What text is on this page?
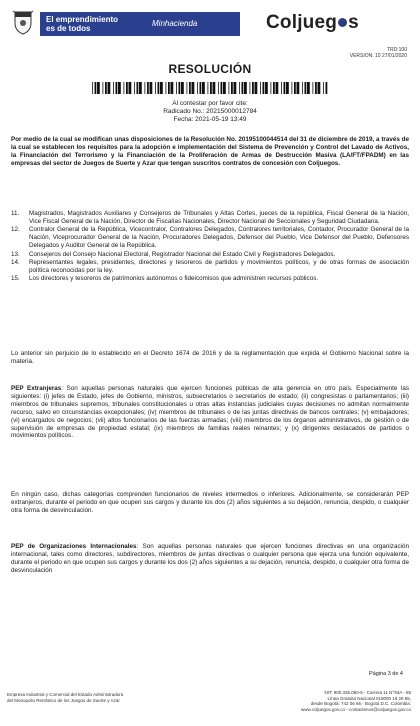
El emprendimiento
es de todos
Minhacienda	Coljueg s
TRD:100
VERSION: 10 27/01/2020
RESOLUCIÓN
Al contestar por favor cite:
Radicado No.: 20215000012784
Fecha: 2021-05-19 13:49
Por medio de la cual se modifican unas disposiciones de la Resolución No. 20195100044514 del 31 de diciembre de 2019, a través de la cual se establecen los requisitos para la adopción e implementación del Sistema de Prevención y Control del Lavado de Activos, la Financiación del Terrorismo y la Financiación de la Proliferación de Armas de Destrucción Masiva (LA/FT/FPADM) en las empresas del sector de Juegos de Suerte y Azar que tengan suscritos contratos de concesión con Coljuegos.
11. Magistrados, Magistrados Auxiliares y Consejeros de Tribunales y Altas Cortes, jueces de la república, Fiscal General de la Nación, Vice Fiscal General de la Nación, Director de Fiscalías Nacionales, Director Nacional de Seccionales y Seguridad Ciudadana.
12. Contralor General de la República, Vicecontralor, Contralores Delegados, Contralores territoriales, Contador, Procurador General de la Nación, Viceprocurador General de la Nación, Procuradores Delegados, Defensor del Pueblo, Vice Defensor del Pueblo, Defensores Delegados y Auditor General de la República.
13. Consejeros del Consejo Nacional Electoral, Registrador Nacional del Estado Civil y Registradores Delegados.
14. Representantes legales, presidentes, directores y tesoreros de partidos y movimientos políticos, y de otras formas de asociación política reconocidas por la ley.
15. Los directores y tesoreros de patrimonios autónomos o fideicomisos que administren recursos públicos.
Lo anterior sin perjuicio de lo establecido en el Decreto 1674 de 2016 y de la reglamentación que expida el Gobierno Nacional sobre la materia.
PEP Extranjeras: Son aquellas personas naturales que ejercen funciones públicas de alta gerencia en otro país. Especialmente las siguientes: (i) jefes de Estado, jefes de Gobierno, ministros, subsecretarios o secretarios de estado; (ii) congresistas o parlamentarios; (iii) miembros de tribunales supremos, tribunales constitucionales u otras altas instancias judiciales cuyas decisiones no admitan normalmente recurso, salvo en circunstancias excepcionales; (iv) miembros de tribunales o de las juntas directivas de bancos centrales; (v) embajadores; (vi) encargados de negocios; (vii) altos funcionarios de las fuerzas armadas; (viii) miembros de los órganos administrativos, de gestión o de supervisión de empresas de propiedad estatal; (ix) miembros de familias reales reinantes; y (x) dirigentes destacados de partidos o movimientos políticos.
En ningún caso, dichas categorías comprenden funcionarios de niveles intermedios o inferiores. Adicionalmente, se considerarán PEP extranjeros, durante el periodo en que ocupen sus cargos y durante los dos (2) años siguientes a su dejación, renuncia, despido, o cualquier otra forma de desvinculación.
PEP de Organizaciones Internacionales: Son aquellas personas naturales que ejercen funciones directivas en una organización internacional, tales como directores, subdirectores, miembros de juntas directivas o cualquier persona que ejerza una función equivalente, durante el periodo en que ocupen sus cargos y durante los dos (2) años siguientes a su dejación, renuncia, despido, o cualquier otra forma de desvinculación
Página 3 de 4
Empresa Industrial y Comercial del Estado Administradora
del Monopolio Rentístico de los Juegos de Suerte y Azar
NIT: 900.335.060-5 - Carrera 11 N°93A - 85
Línea Gratuita Nacional 018000 18 26 85,
desde Bogotá: 742 06 66 - Bogotá D.C. Colombia.
www.coljuegos.gov.co - contactenos@coljuegos.gov.co
